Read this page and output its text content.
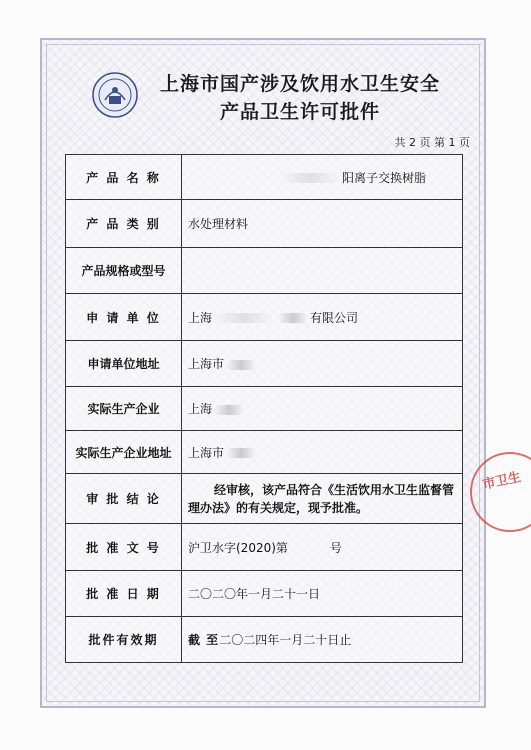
上海市国产涉及饮用水卫生安全
产品卫生许可批件
共 2 页 第 1 页
产 品 名 称	阳离子交换树脂
产 品 类 别	水处理材料
产品规格或型号	
申 请 单 位	上海 有限公司
申请单位地址	上海市
实际生产企业	上海
实际生产企业地址	上海市
审 批 结 论	经审核，该产品符合《生活饮用水卫生监督管
理办法》的有关规定，现予批准。

批 准 文 号	沪卫水字(2020)第 号
批 准 日 期	二〇二〇年一月二十一日
批件有效期	截 至二〇二四年一月二十日止
市卫生
